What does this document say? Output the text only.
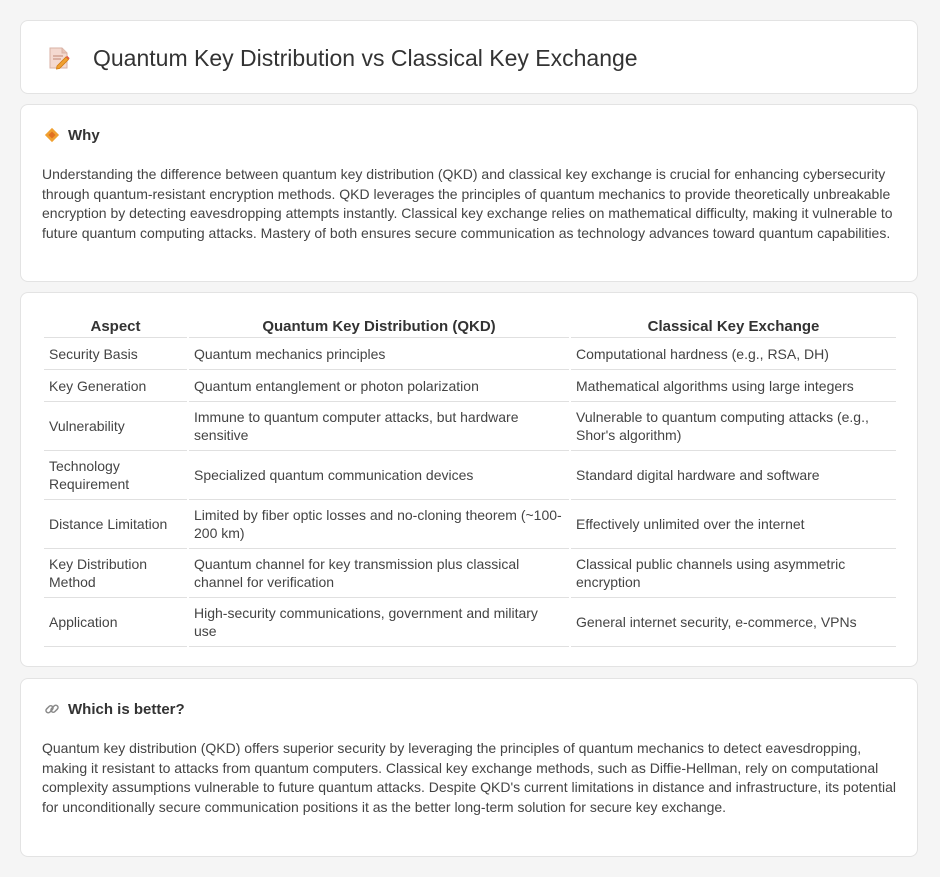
Quantum Key Distribution vs Classical Key Exchange
Why

Understanding the difference between quantum key distribution (QKD) and classical key exchange is crucial for enhancing cybersecurity through quantum-resistant encryption methods. QKD leverages the principles of quantum mechanics to provide theoretically unbreakable encryption by detecting eavesdropping attempts instantly. Classical key exchange relies on mathematical difficulty, making it vulnerable to future quantum computing attacks. Mastery of both ensures secure communication as technology advances toward quantum capabilities.

Aspect	Quantum Key Distribution (QKD)	Classical Key Exchange
Security Basis	Quantum mechanics principles	Computational hardness (e.g., RSA, DH)
Key Generation	Quantum entanglement or photon polarization	Mathematical algorithms using large integers
Vulnerability	Immune to quantum computer attacks, but hardware sensitive	Vulnerable to quantum computing attacks (e.g., Shor's algorithm)
Technology Requirement	Specialized quantum communication devices	Standard digital hardware and software
Distance Limitation	Limited by fiber optic losses and no-cloning theorem (~100-200 km)	Effectively unlimited over the internet
Key Distribution Method	Quantum channel for key transmission plus classical channel for verification	Classical public channels using asymmetric encryption
Application	High-security communications, government and military use	General internet security, e-commerce, VPNs
Which is better?

Quantum key distribution (QKD) offers superior security by leveraging the principles of quantum mechanics to detect eavesdropping, making it resistant to attacks from quantum computers. Classical key exchange methods, such as Diffie-Hellman, rely on computational complexity assumptions vulnerable to future quantum attacks. Despite QKD's current limitations in distance and infrastructure, its potential for unconditionally secure communication positions it as the better long-term solution for secure key exchange.
